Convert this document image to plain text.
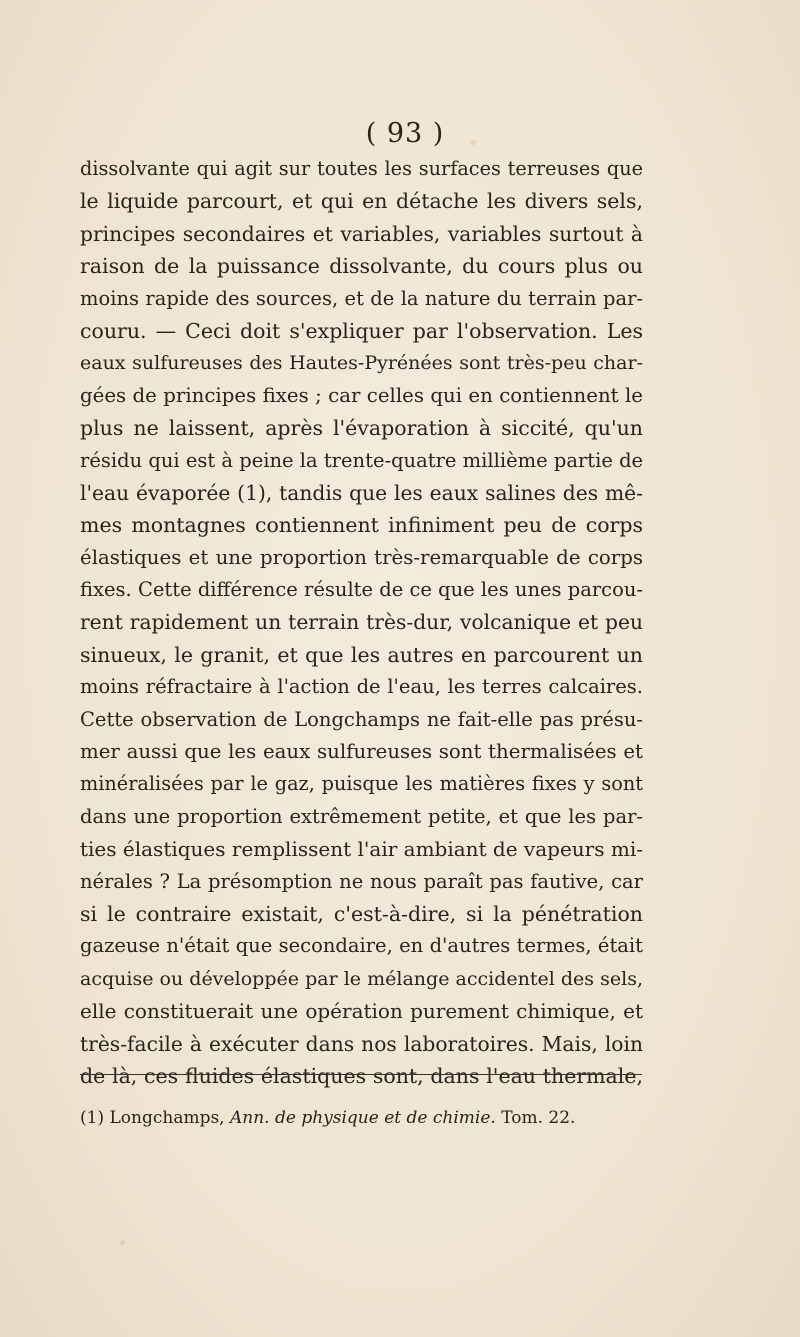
( 93 )
dissolvante qui agit sur toutes les surfaces terreuses que
le liquide parcourt, et qui en détache les divers sels,
principes secondaires et variables, variables surtout à
raison de la puissance dissolvante, du cours plus ou
moins rapide des sources, et de la nature du terrain par-
couru. — Ceci doit s'expliquer par l'observation. Les
eaux sulfureuses des Hautes-Pyrénées sont très-peu char-
gées de principes fixes ; car celles qui en contiennent le
plus ne laissent, après l'évaporation à siccité, qu'un
résidu qui est à peine la trente-quatre millième partie de
l'eau évaporée (1), tandis que les eaux salines des mê-
mes montagnes contiennent infiniment peu de corps
élastiques et une proportion très-remarquable de corps
fixes. Cette différence résulte de ce que les unes parcou-
rent rapidement un terrain très-dur, volcanique et peu
sinueux, le granit, et que les autres en parcourent un
moins réfractaire à l'action de l'eau, les terres calcaires.
Cette observation de Longchamps ne fait-elle pas présu-
mer aussi que les eaux sulfureuses sont thermalisées et
minéralisées par le gaz, puisque les matières fixes y sont
dans une proportion extrêmement petite, et que les par-
ties élastiques remplissent l'air ambiant de vapeurs mi-
nérales ? La présomption ne nous paraît pas fautive, car
si le contraire existait, c'est-à-dire, si la pénétration
gazeuse n'était que secondaire, en d'autres termes, était
acquise ou développée par le mélange accidentel des sels,
elle constituerait une opération purement chimique, et
très-facile à exécuter dans nos laboratoires. Mais, loin
de là, ces fluides élastiques sont, dans l'eau thermale,
(1) Longchamps, Ann. de physique et de chimie. Tom. 22.
